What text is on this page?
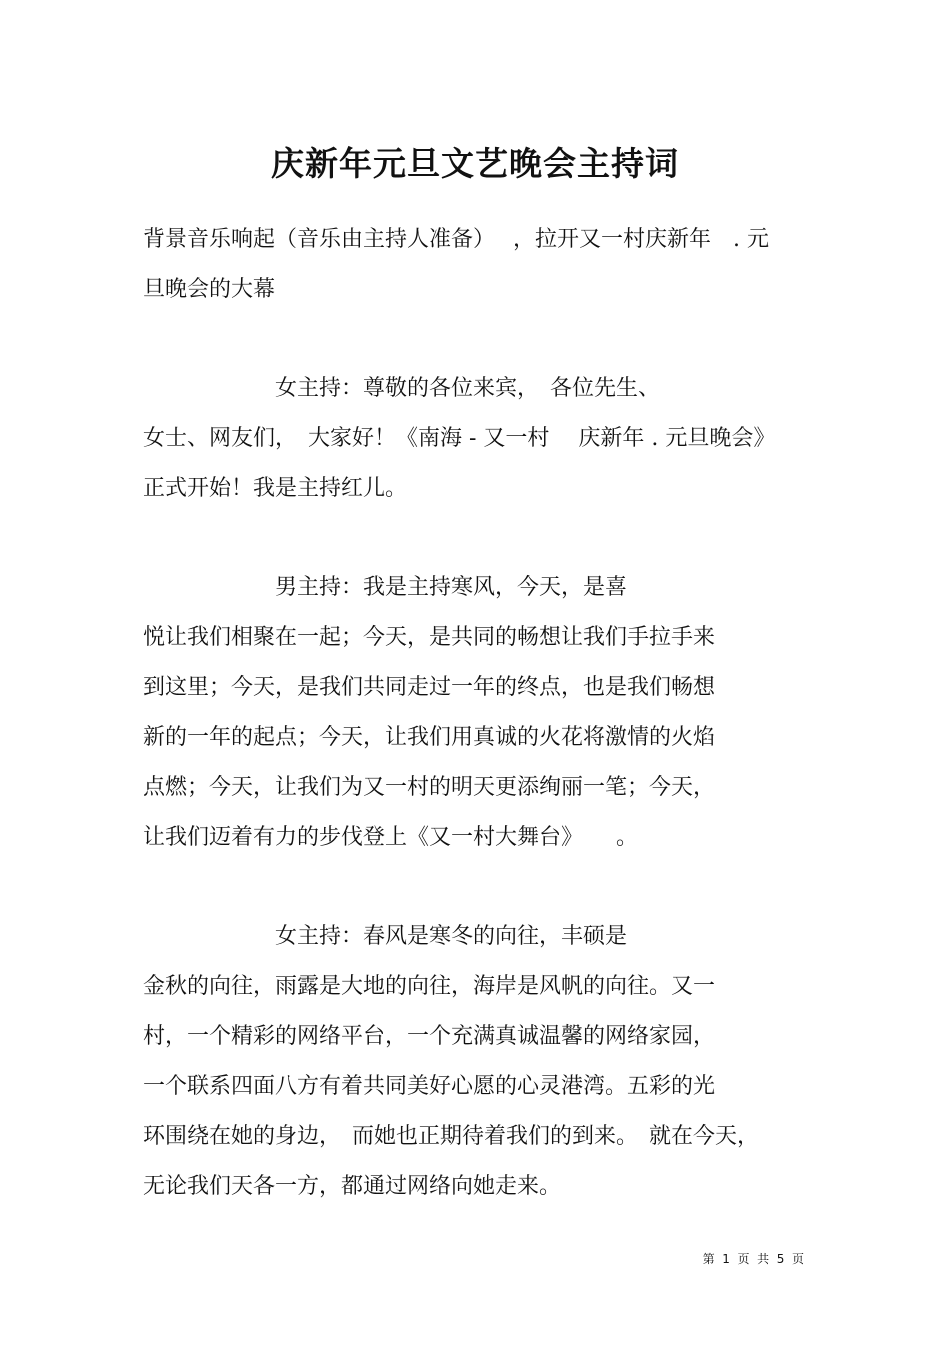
庆新年元旦文艺晚会主持词

背景音乐响起（音乐由主持人准备）　 ，拉开又一村庆新年　. 元

旦晚会的大幕

　　　　　　女主持：尊敬的各位来宾，　各位先生、

女士、网友们，　大家好！《南海 - 又一村　 庆新年 . 元旦晚会》

正式开始！我是主持红儿。

　　　　　　男主持：我是主持寒风，今天，是喜

悦让我们相聚在一起；今天，是共同的畅想让我们手拉手来

到这里；今天，是我们共同走过一年的终点，也是我们畅想

新的一年的起点；今天，让我们用真诚的火花将激情的火焰

点燃；今天，让我们为又一村的明天更添绚丽一笔；今天，

让我们迈着有力的步伐登上《又一村大舞台》　　。

　　　　　　女主持：春风是寒冬的向往，丰硕是

金秋的向往，雨露是大地的向往，海岸是风帆的向往。又一

村，一个精彩的网络平台，一个充满真诚温馨的网络家园，

一个联系四面八方有着共同美好心愿的心灵港湾。五彩的光

环围绕在她的身边，　而她也正期待着我们的到来。　就在今天，

无论我们天各一方，都通过网络向她走来。

第  1  页  共  5  页
